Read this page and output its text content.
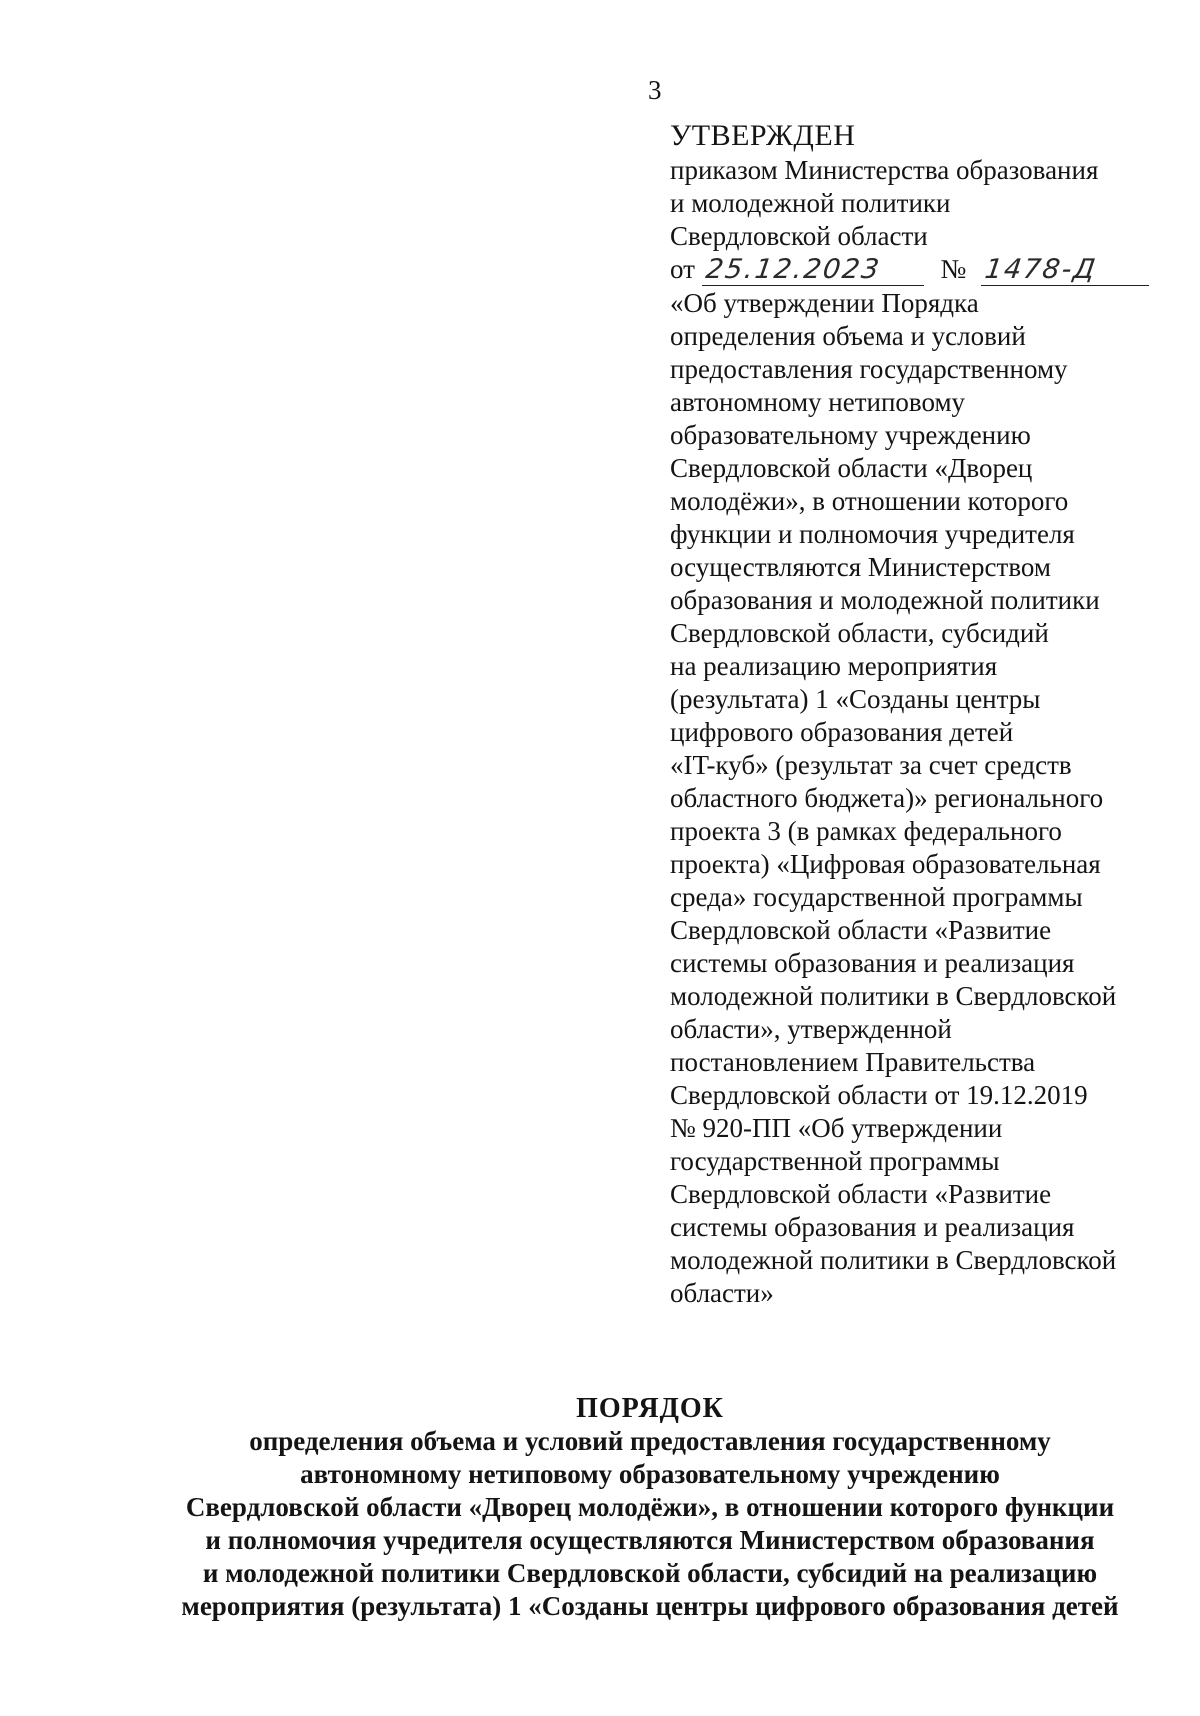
3
УТВЕРЖДЕН
приказом Министерства образования
и молодежной политики
Свердловской области
от 25.12.2023 № 1478-Д
«Об утверждении Порядка
определения объема и условий
предоставления государственному
автономному нетиповому
образовательному учреждению
Свердловской области «Дворец
молодёжи», в отношении которого
функции и полномочия учредителя
осуществляются Министерством
образования и молодежной политики
Свердловской области, субсидий
на реализацию мероприятия
(результата) 1 «Созданы центры
цифрового образования детей
«IT-куб» (результат за счет средств
областного бюджета)» регионального
проекта 3 (в рамках федерального
проекта) «Цифровая образовательная
среда» государственной программы
Свердловской области «Развитие
системы образования и реализация
молодежной политики в Свердловской
области», утвержденной
постановлением Правительства
Свердловской области от 19.12.2019
№ 920-ПП «Об утверждении
государственной программы
Свердловской области «Развитие
системы образования и реализация
молодежной политики в Свердловской
области»
ПОРЯДОК
определения объема и условий предоставления государственному
автономному нетиповому образовательному учреждению
Свердловской области «Дворец молодёжи», в отношении которого функции
и полномочия учредителя осуществляются Министерством образования
и молодежной политики Свердловской области, субсидий на реализацию
мероприятия (результата) 1 «Созданы центры цифрового образования детей
